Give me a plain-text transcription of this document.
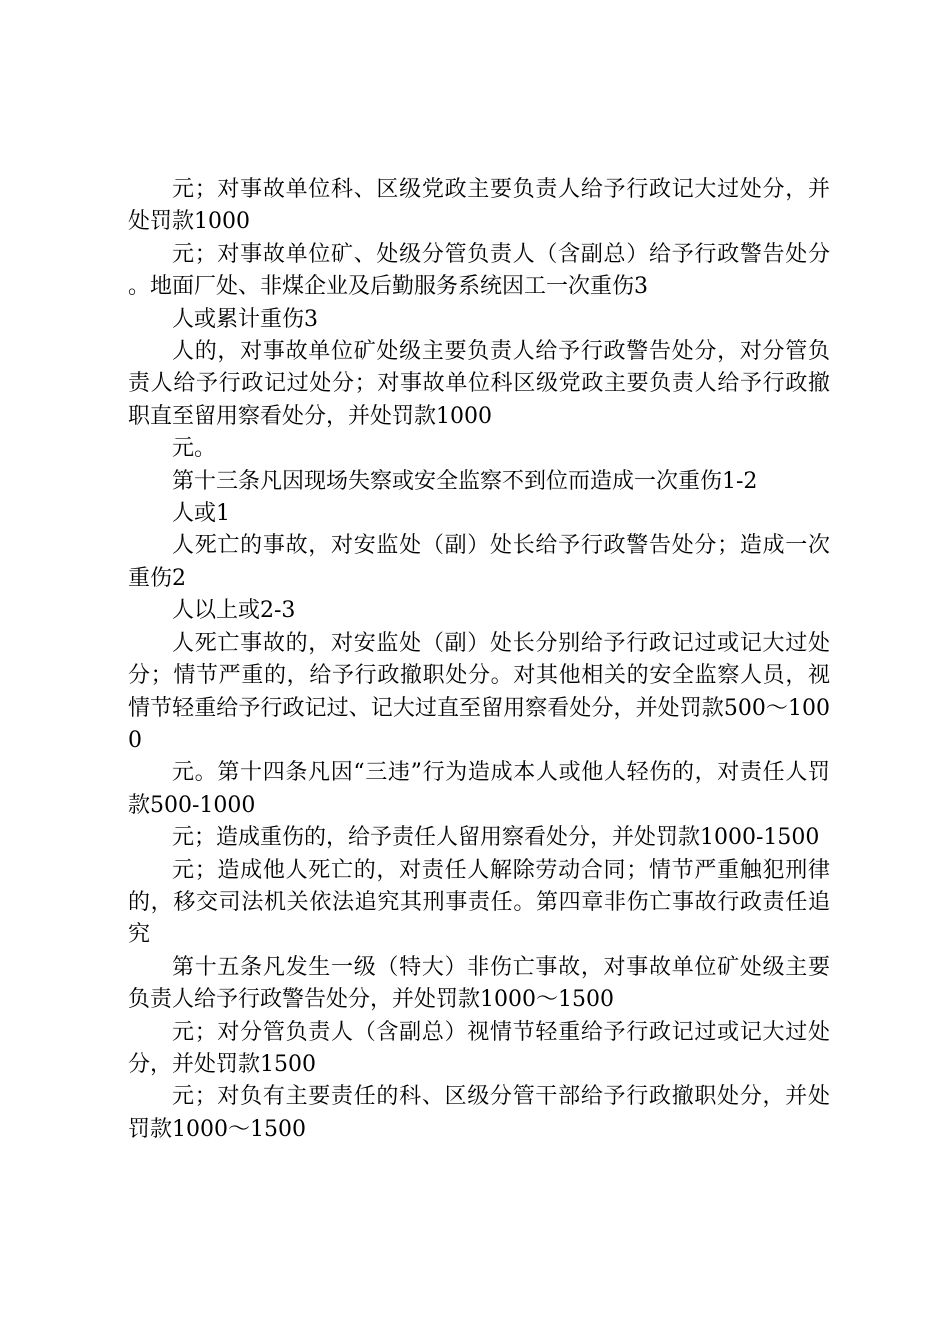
元；对事故单位科、区级党政主要负责人给予行政记大过处分，并处罚款1000

元；对事故单位矿、处级分管负责人（含副总）给予行政警告处分。地面厂处、非煤企业及后勤服务系统因工一次重伤3

人或累计重伤3

人的，对事故单位矿处级主要负责人给予行政警告处分，对分管负责人给予行政记过处分；对事故单位科区级党政主要负责人给予行政撤职直至留用察看处分，并处罚款1000

元。

第十三条凡因现场失察或安全监察不到位而造成一次重伤1-2

人或1

人死亡的事故，对安监处（副）处长给予行政警告处分；造成一次重伤2

人以上或2-3

人死亡事故的，对安监处（副）处长分别给予行政记过或记大过处分；情节严重的，给予行政撤职处分。对其他相关的安全监察人员，视情节轻重给予行政记过、记大过直至留用察看处分，并处罚款500～1000

元。第十四条凡因“三违”行为造成本人或他人轻伤的，对责任人罚款500-1000

元；造成重伤的，给予责任人留用察看处分，并处罚款1000-1500

元；造成他人死亡的，对责任人解除劳动合同；情节严重触犯刑律的，移交司法机关依法追究其刑事责任。第四章非伤亡事故行政责任追究

第十五条凡发生一级（特大）非伤亡事故，对事故单位矿处级主要负责人给予行政警告处分，并处罚款1000～1500

元；对分管负责人（含副总）视情节轻重给予行政记过或记大过处分，并处罚款1500

元；对负有主要责任的科、区级分管干部给予行政撤职处分，并处罚款1000～1500
